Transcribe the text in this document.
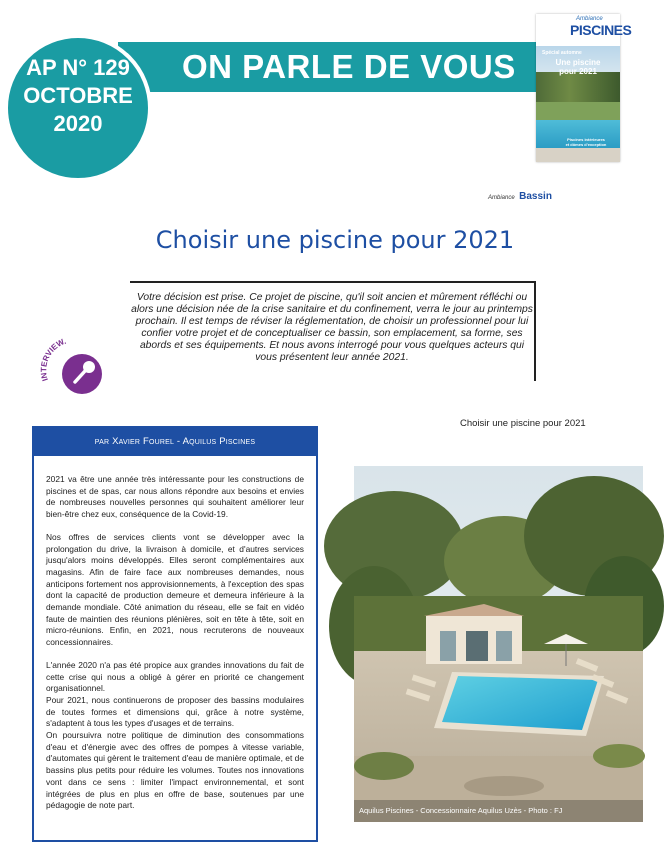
ON PARLE DE VOUS
AP N° 129
OCTOBRE
2020
Ambiance
PISCINES
Spécial automne
Une piscine
pour 2021
Piscines intérieures
et dômes d'exception
Ambiance Bassin
Choisir une piscine pour 2021
Votre décision est prise. Ce projet de piscine, qu'il soit ancien et mûrement réfléchi ou alors une décision née de la crise sanitaire et du confinement, verra le jour au printemps prochain. Il est temps de réviser la réglementation, de choisir un professionnel pour lui confier votre projet et de conceptualiser ce bassin, son emplacement, sa forme, ses abords et ses équipements. Et nous avons interrogé pour vous quelques acteurs qui vous présentent leur année 2021.
INTERVIEW.
par Xavier Fourel - Aquilus Piscines

2021 va être une année très intéressante pour les constructions de piscines et de spas, car nous allons répondre aux besoins et envies de nombreuses nouvelles personnes qui souhaitent améliorer leur bien-être chez eux, conséquence de la Covid-19.

Nos offres de services clients vont se développer avec la prolongation du drive, la livraison à domicile, et d'autres services jusqu'alors moins développés. Elles seront complémentaires aux magasins. Afin de faire face aux nombreuses demandes, nous anticipons fortement nos approvisionnements, à l'exception des spas dont la capacité de production demeure et demeura inférieure à la demande mondiale. Côté animation du réseau, elle se fait en vidéo faute de maintien des réunions plénières, soit en tête à tête, soit en micro-réunions. Enfin, en 2021, nous recruterons de nouveaux concessionnaires.

L'année 2020 n'a pas été propice aux grandes innovations du fait de cette crise qui nous a obligé à gérer en priorité ce changement organisationnel.

Pour 2021, nous continuerons de proposer des bassins modulaires de toutes formes et dimensions qui, grâce à notre système, s'adaptent à tous les types d'usages et de terrains.

On poursuivra notre politique de diminution des consommations d'eau et d'énergie avec des offres de pompes à vitesse variable, d'automates qui gèrent le traitement d'eau de manière optimale, et de bassins plus petits pour réduire les volumes. Toutes nos innovations vont dans ce sens : limiter l'impact environnemental, et sont intégrées de plus en plus en offre de base, soutenues par une pédagogie de note part.

Choisir une piscine pour 2021
Aquilus Piscines - Concessionnaire Aquilus Uzès - Photo : FJ
